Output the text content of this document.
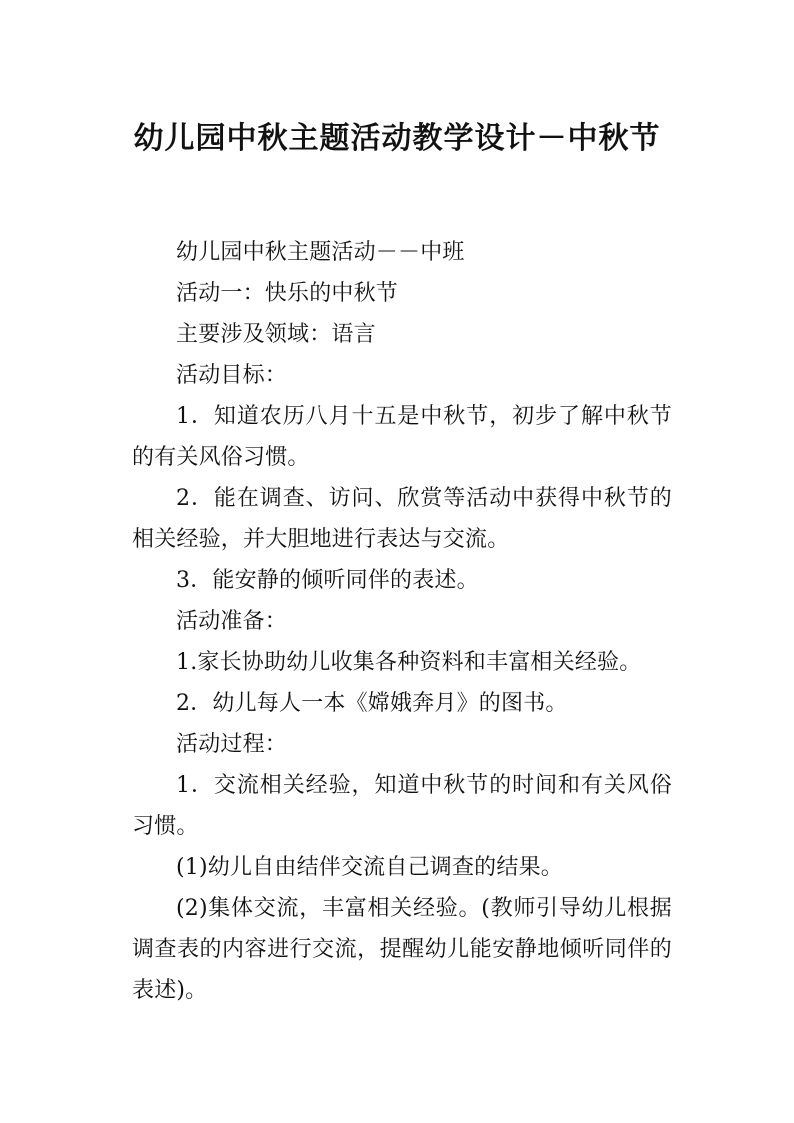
幼儿园中秋主题活动教学设计－中秋节

幼儿园中秋主题活动－－中班

活动一：快乐的中秋节

主要涉及领域：语言

活动目标：

1．知道农历八月十五是中秋节，初步了解中秋节的有关风俗习惯。

2．能在调查、访问、欣赏等活动中获得中秋节的相关经验，并大胆地进行表达与交流。

3．能安静的倾听同伴的表述。

活动准备：

1.家长协助幼儿收集各种资料和丰富相关经验。

2．幼儿每人一本《嫦娥奔月》的图书。

活动过程：

1．交流相关经验，知道中秋节的时间和有关风俗习惯。

(1)幼儿自由结伴交流自己调查的结果。

(2)集体交流，丰富相关经验。(教师引导幼儿根据调查表的内容进行交流，提醒幼儿能安静地倾听同伴的表述)。
